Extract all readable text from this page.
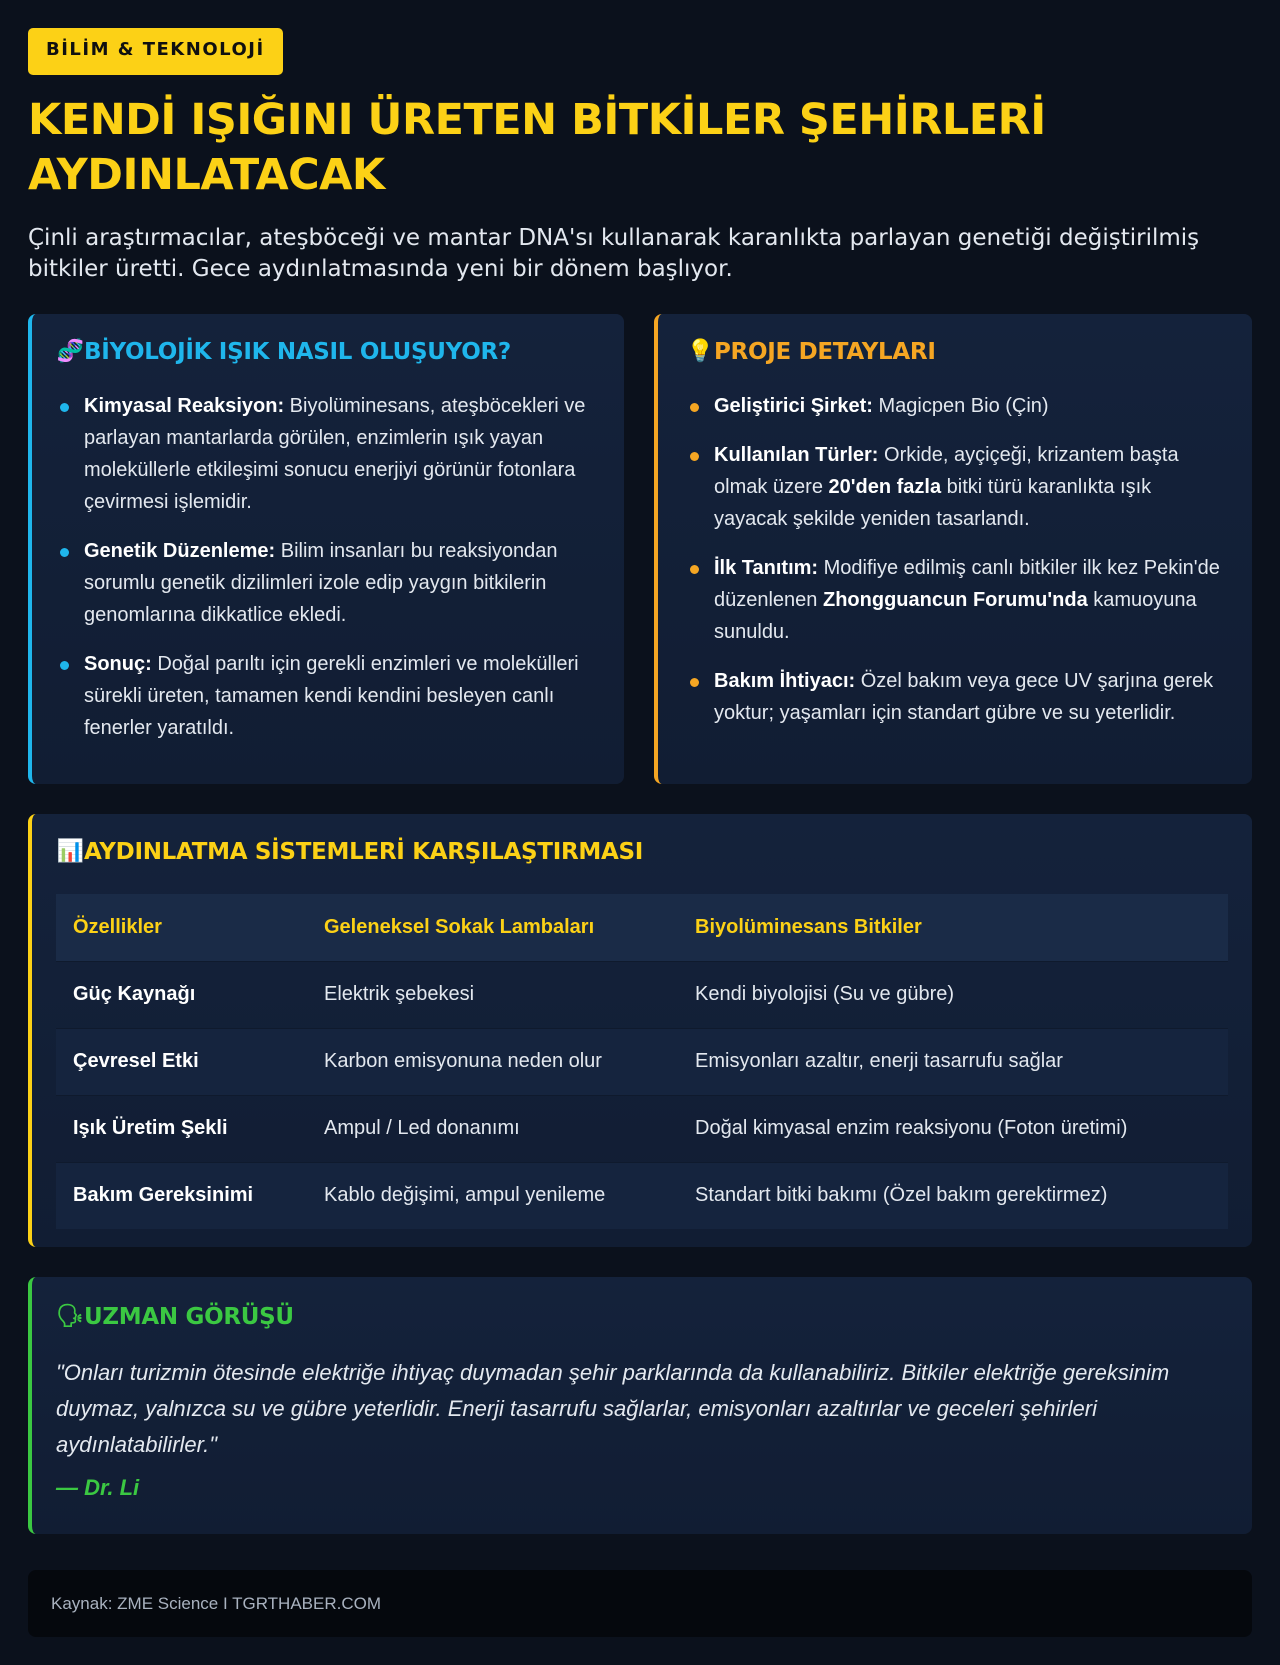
BİLİM & TEKNOLOJİ
KENDİ IŞIĞINI ÜRETEN BİTKİLER ŞEHİRLERİ AYDINLATACAK

Çinli araştırmacılar, ateşböceği ve mantar DNA'sı kullanarak karanlıkta parlayan genetiği değiştirilmiş bitkiler üretti. Gece aydınlatmasında yeni bir dönem başlıyor.

🧬 BİYOLOJİK IŞIK NASIL OLUŞUYOR?
Kimyasal Reaksiyon: Biyolüminesans, ateşböcekleri ve parlayan mantarlarda görülen, enzimlerin ışık yayan moleküllerle etkileşimi sonucu enerjiyi görünür fotonlara çevirmesi işlemidir.
Genetik Düzenleme: Bilim insanları bu reaksiyondan sorumlu genetik dizilimleri izole edip yaygın bitkilerin genomlarına dikkatlice ekledi.
Sonuç: Doğal parıltı için gerekli enzimleri ve molekülleri sürekli üreten, tamamen kendi kendini besleyen canlı fenerler yaratıldı.
💡 PROJE DETAYLARI
Geliştirici Şirket: Magicpen Bio (Çin)
Kullanılan Türler: Orkide, ayçiçeği, krizantem başta olmak üzere 20'den fazla bitki türü karanlıkta ışık yayacak şekilde yeniden tasarlandı.
İlk Tanıtım: Modifiye edilmiş canlı bitkiler ilk kez Pekin'de düzenlenen Zhongguancun Forumu'nda kamuoyuna sunuldu.
Bakım İhtiyacı: Özel bakım veya gece UV şarjına gerek yoktur; yaşamları için standart gübre ve su yeterlidir.
📊 AYDINLATMA SİSTEMLERİ KARŞILAŞTIRMASI
Özellikler	Geleneksel Sokak Lambaları	Biyolüminesans Bitkiler
Güç Kaynağı	Elektrik şebekesi	Kendi biyolojisi (Su ve gübre)
Çevresel Etki	Karbon emisyonuna neden olur	Emisyonları azaltır, enerji tasarrufu sağlar
Işık Üretim Şekli	Ampul / Led donanımı	Doğal kimyasal enzim reaksiyonu (Foton üretimi)
Bakım Gereksinimi	Kablo değişimi, ampul yenileme	Standart bitki bakımı (Özel bakım gerektirmez)
🗣 UZMAN GÖRÜŞÜ

"Onları turizmin ötesinde elektriğe ihtiyaç duymadan şehir parklarında da kullanabiliriz. Bitkiler elektriğe gereksinim duymaz, yalnızca su ve gübre yeterlidir. Enerji tasarrufu sağlarlar, emisyonları azaltırlar ve geceleri şehirleri aydınlatabilirler."

— Dr. Li
Kaynak: ZME Science I TGRTHABER.COM
